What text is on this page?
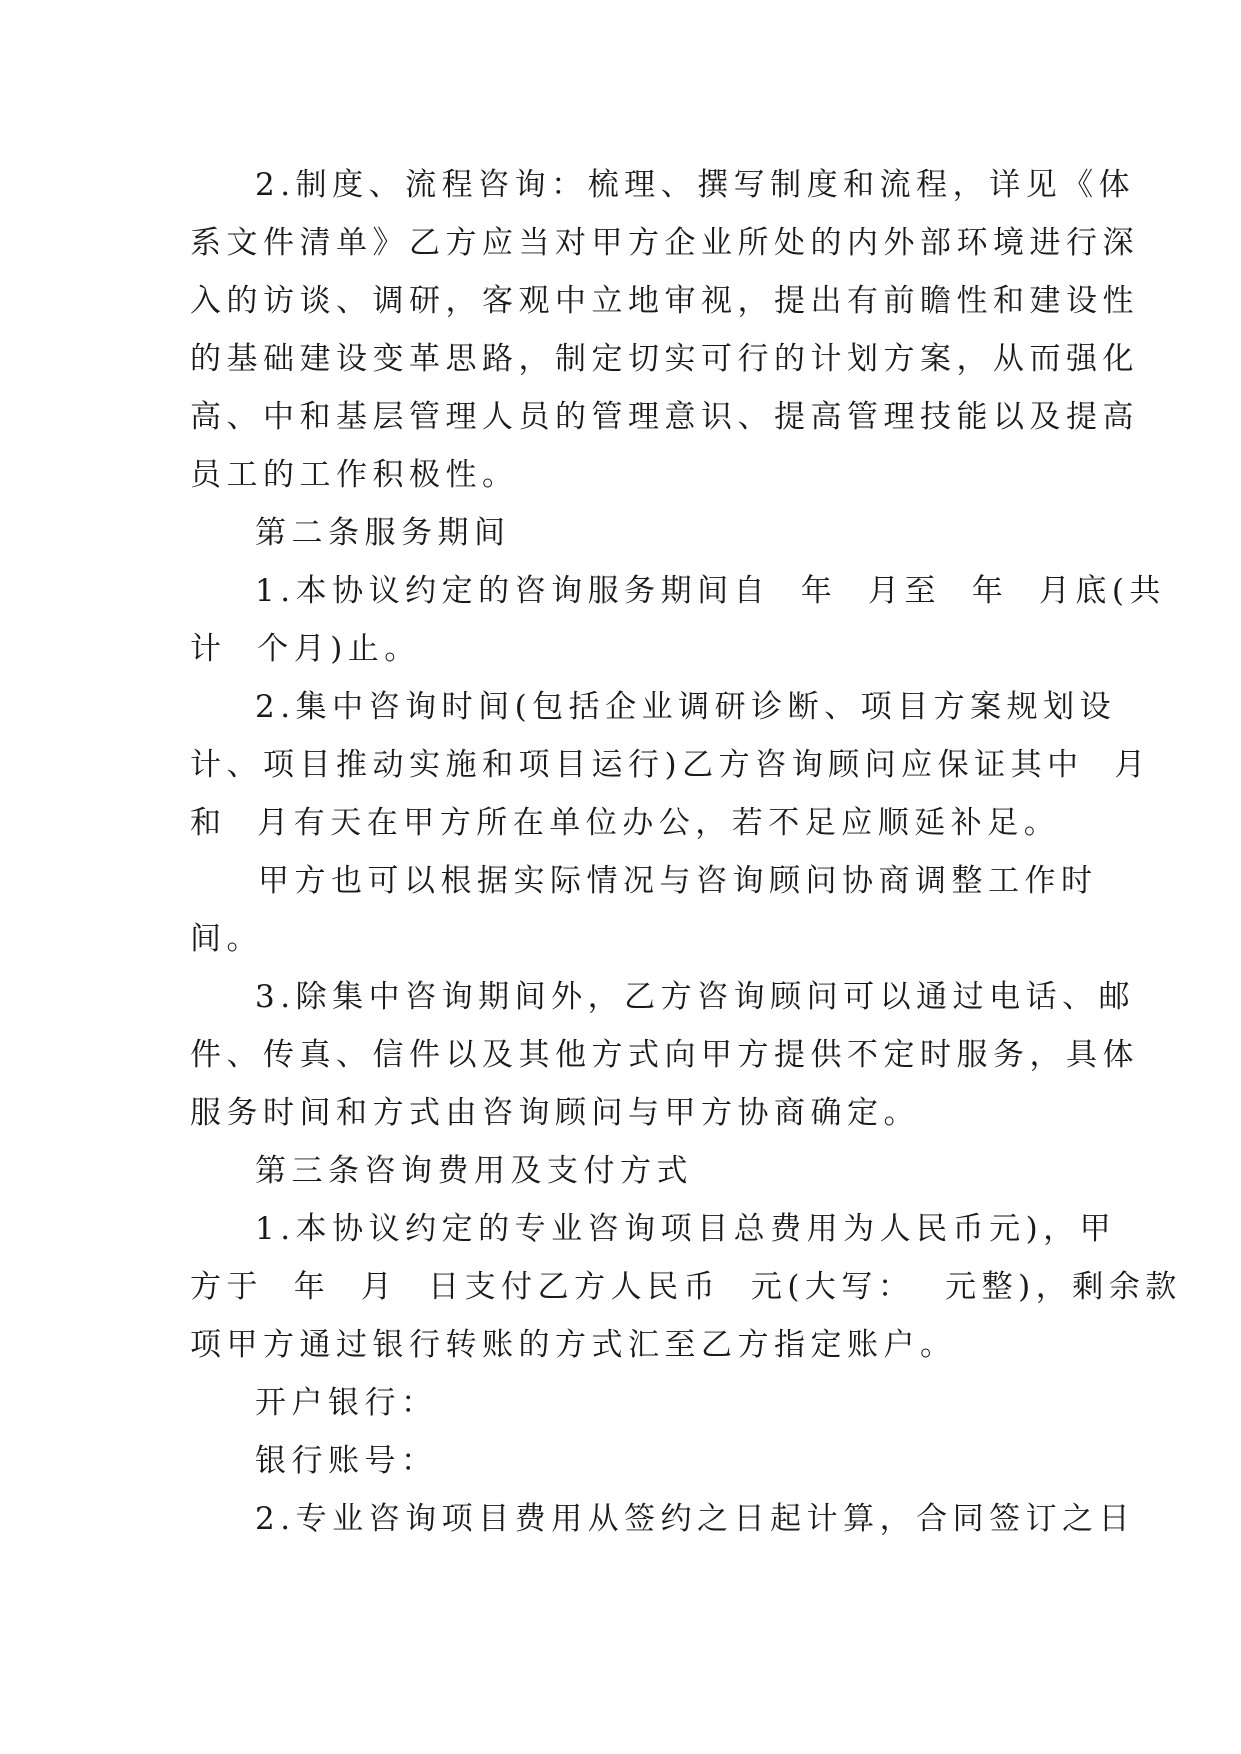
2.制度、流程咨询：梳理、撰写制度和流程，详见《体
系文件清单》乙方应当对甲方企业所处的内外部环境进行深
入的访谈、调研，客观中立地审视，提出有前瞻性和建设性
的基础建设变革思路，制定切实可行的计划方案，从而强化
高、中和基层管理人员的管理意识、提高管理技能以及提高
员工的工作积极性。
第二条服务期间
1.本协议约定的咨询服务期间自  年  月至  年  月底(共
计  个月)止。
2.集中咨询时间(包括企业调研诊断、项目方案规划设
计、项目推动实施和项目运行)乙方咨询顾问应保证其中  月
和  月有天在甲方所在单位办公，若不足应顺延补足。
甲方也可以根据实际情况与咨询顾问协商调整工作时
间。
3.除集中咨询期间外，乙方咨询顾问可以通过电话、邮
件、传真、信件以及其他方式向甲方提供不定时服务，具体
服务时间和方式由咨询顾问与甲方协商确定。
第三条咨询费用及支付方式
1.本协议约定的专业咨询项目总费用为人民币元)，甲
方于  年  月  日支付乙方人民币  元(大写：  元整)，剩余款
项甲方通过银行转账的方式汇至乙方指定账户。
开户银行：
银行账号：
2.专业咨询项目费用从签约之日起计算，合同签订之日
